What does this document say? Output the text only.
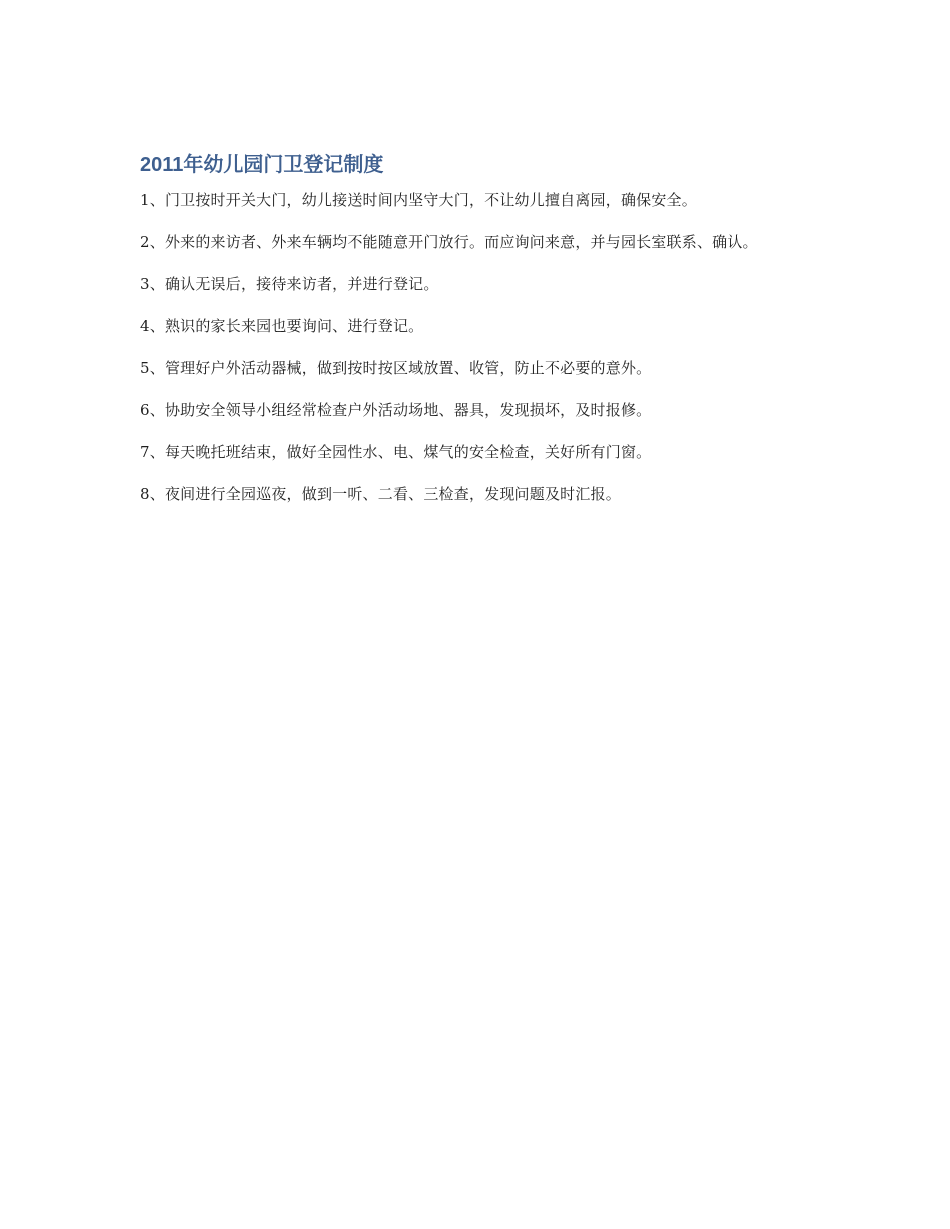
2011年幼儿园门卫登记制度
1、门卫按时开关大门，幼儿接送时间内坚守大门，不让幼儿擅自离园，确保安全。
2、外来的来访者、外来车辆均不能随意开门放行。而应询问来意，并与园长室联系、确认。
3、确认无误后，接待来访者，并进行登记。
4、熟识的家长来园也要询问、进行登记。
5、管理好户外活动器械，做到按时按区域放置、收管，防止不必要的意外。
6、协助安全领导小组经常检查户外活动场地、器具，发现损坏，及时报修。
7、每天晚托班结束，做好全园性水、电、煤气的安全检查，关好所有门窗。
8、夜间进行全园巡夜，做到一听、二看、三检查，发现问题及时汇报。
